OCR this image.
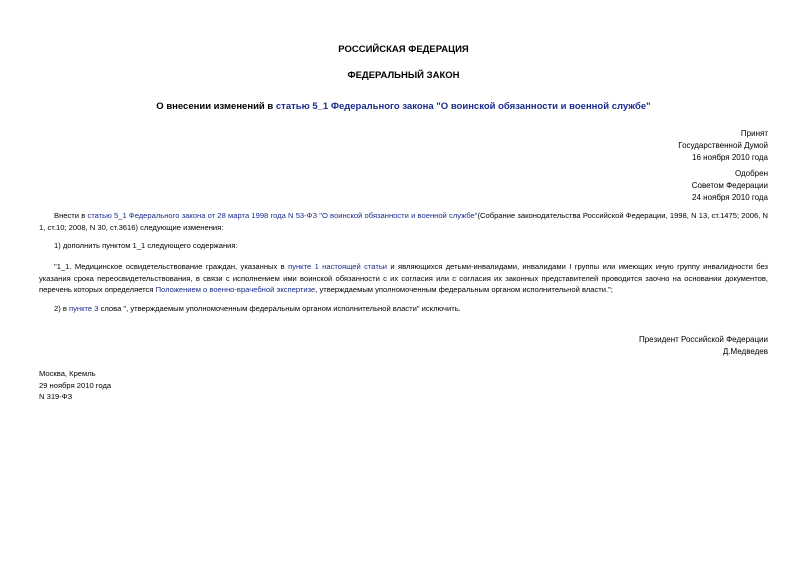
РОССИЙСКАЯ ФЕДЕРАЦИЯ
ФЕДЕРАЛЬНЫЙ ЗАКОН
О внесении изменений в статью 5_1 Федерального закона "О воинской обязанности и военной службе"
Принят
Государственной Думой
16 ноября 2010 года
Одобрен
Советом Федерации
24 ноября 2010 года
Внести в статью 5_1 Федерального закона от 28 марта 1998 года N 53-ФЗ "О воинской обязанности и военной службе"(Собрание законодательства Российской Федерации, 1998, N 13, ст.1475; 2006, N 1, ст.10; 2008, N 30, ст.3616) следующие изменения:
1) дополнить пунктом 1_1 следующего содержания:
"1_1. Медицинское освидетельствование граждан, указанных в пункте 1 настоящей статьи и являющихся детьми-инвалидами, инвалидами I группы или имеющих иную группу инвалидности без указания срока переосвидетельствования, в связи с исполнением ими воинской обязанности с их согласия или с согласия их законных представителей проводится заочно на основании документов, перечень которых определяется Положением о военно-врачебной экспертизе, утверждаемым уполномоченным федеральным органом исполнительной власти.";
2) в пункте 3 слова ", утверждаемым уполномоченным федеральным органом исполнительной власти" исключить.
Президент Российской Федерации
Д.Медведев
Москва, Кремль
29 ноября 2010 года
N 319-ФЗ
